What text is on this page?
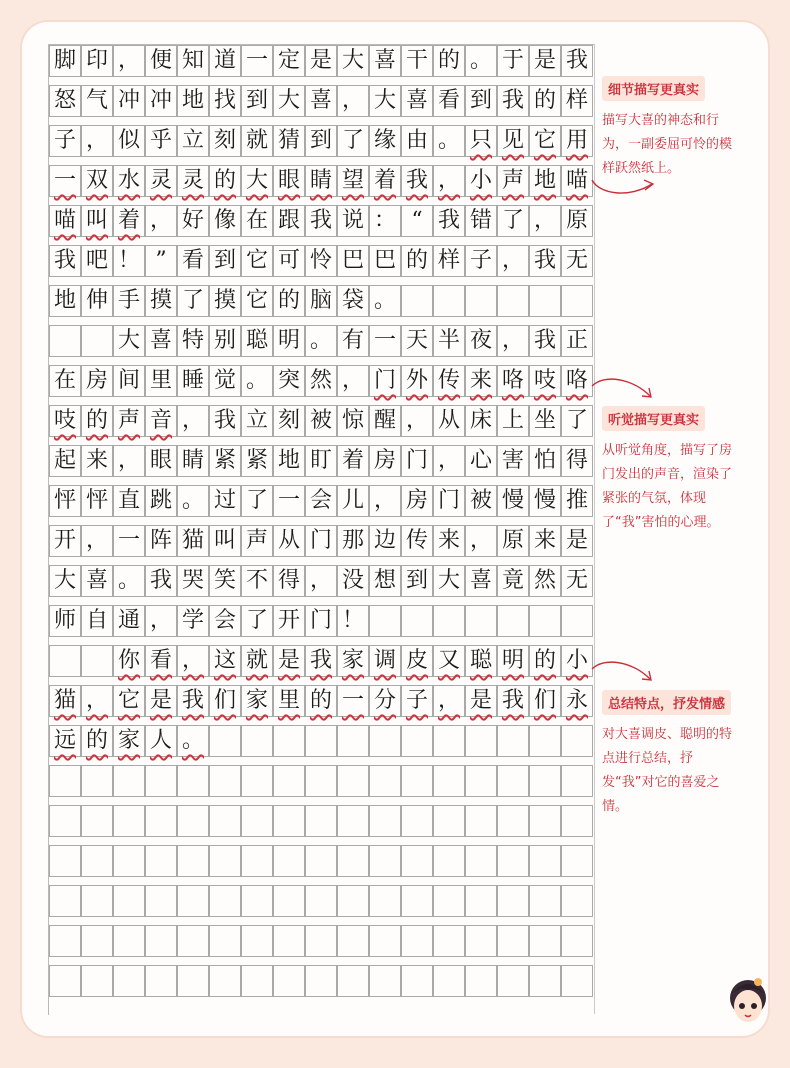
脚 印 ， 便 知 道 一 定 是 大 喜 干 的 。 于 是 我
怒 气 冲 冲 地 找 到 大 喜 ， 大 喜 看 到 我 的 样
子 ， 似 乎 立 刻 就 猜 到 了 缘 由 。 只 见 它 用
一 双 水 灵 灵 的 大 眼 睛 望 着 我 ， 小 声 地 喵
喵 叫 着 ， 好 像 在 跟 我 说 ： “ 我 错 了 ， 原
我 吧 ！ ” 看 到 它 可 怜 巴 巴 的 样 子 ， 我 无
地 伸 手 摸 了 摸 它 的 脑 袋 。
大 喜 特 别 聪 明 。 有 一 天 半 夜 ， 我 正
在 房 间 里 睡 觉 。 突 然 ， 门 外 传 来 咯 吱 咯
吱 的 声 音 ， 我 立 刻 被 惊 醒 ， 从 床 上 坐 了
起 来 ， 眼 睛 紧 紧 地 盯 着 房 门 ， 心 害 怕 得
怦 怦 直 跳 。 过 了 一 会 儿 ， 房 门 被 慢 慢 推
开 ， 一 阵 猫 叫 声 从 门 那 边 传 来 ， 原 来 是
大 喜 。 我 哭 笑 不 得 ， 没 想 到 大 喜 竟 然 无
师 自 通 ， 学 会 了 开 门 ！
你 看 ， 这 就 是 我 家 调 皮 又 聪 明 的 小
猫 ， 它 是 我 们 家 里 的 一 分 子 ， 是 我 们 永
远 的 家 人 。
细节描写更真实
描写大喜的神态和行为，一副委屈可怜的模样跃然纸上。
听觉描写更真实
从听觉角度，描写了房门发出的声音，渲染了紧张的气氛，体现了“我”害怕的心理。
总结特点，抒发情感
对大喜调皮、聪明的特点进行总结，抒发“我”对它的喜爱之情。
